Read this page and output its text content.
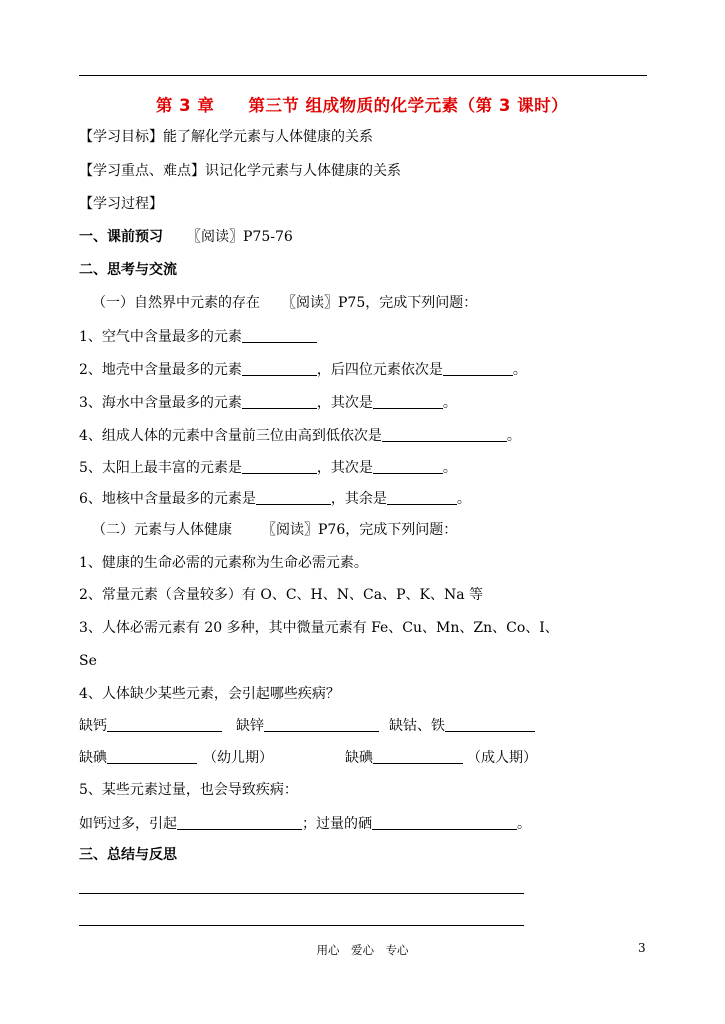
第 3 章　　第三节 组成物质的化学元素（第 3 课时）
【学习目标】能了解化学元素与人体健康的关系
【学习重点、难点】识记化学元素与人体健康的关系
【学习过程】
一、课前预习 〖阅读〗P75-76
二、思考与交流
（一）自然界中元素的存在 〖阅读〗P75，完成下列问题：
1、空气中含量最多的元素
2、地壳中含量最多的元素	，后四位元素依次是	。
3、海水中含量最多的元素	，其次是	。
4、组成人体的元素中含量前三位由高到低依次是	。
5、太阳上最丰富的元素是	，其次是	。
6、地核中含量最多的元素是	，其余是	。
（二）元素与人体健康 〖阅读〗P76，完成下列问题：
1、健康的生命必需的元素称为生命必需元素。
2、常量元素（含量较多）有 O、C、H、N、Ca、P、K、Na 等
3、人体必需元素有 20 多种，其中微量元素有 Fe、Cu、Mn、Zn、Co、I、
Se
4、人体缺少某些元素，会引起哪些疾病？
缺钙	缺锌	缺钴、铁
缺碘	（幼儿期）	缺碘	（成人期）
5、某些元素过量，也会导致疾病：
如钙过多，引起	；过量的硒	。
三、总结与反思
用心　爱心　专心	3
